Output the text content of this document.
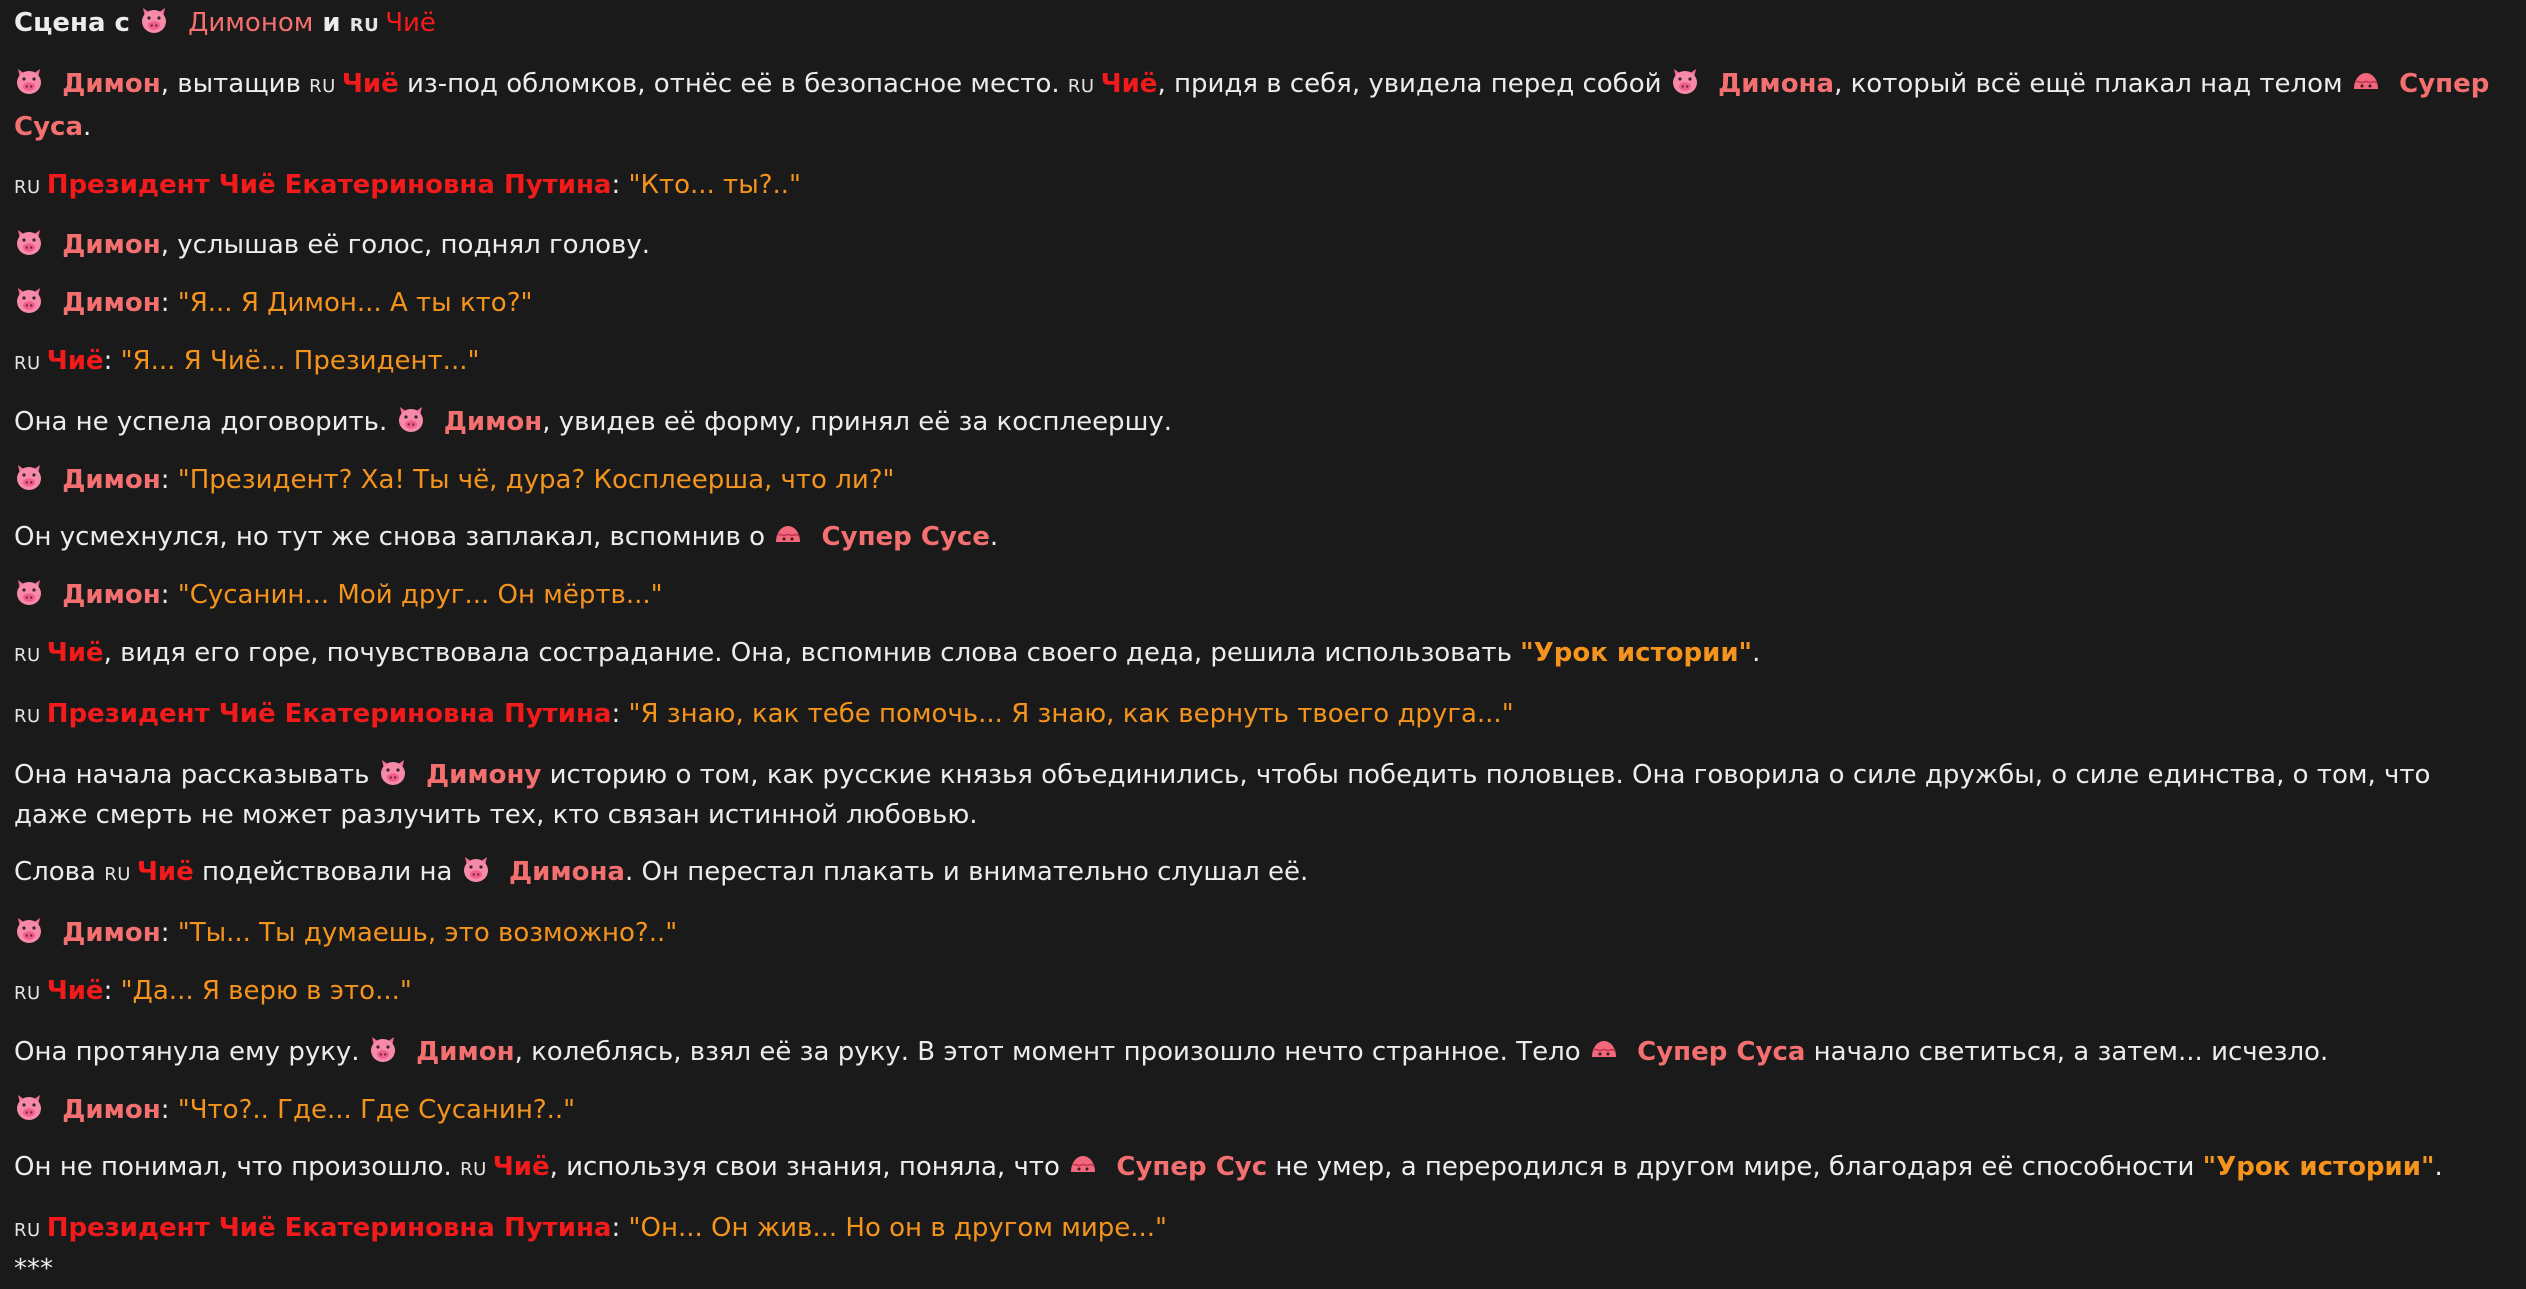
Сцена с Димоном и RU Чиё
Димон, вытащив RU Чиё из-под обломков, отнёс её в безопасное место. RU Чиё, придя в себя, увидела перед собой Димона, который всё ещё плакал над телом Супер Суса.
RU Президент Чиё Екатериновна Путина: "Кто... ты?.."
Димон, услышав её голос, поднял голову.
Димон: "Я... Я Димон... А ты кто?"
RU Чиё: "Я... Я Чиё... Президент..."
Она не успела договорить.
Димон, увидев её форму, принял её за косплеершу.
Димон: "Президент? Ха! Ты чё, дура? Косплеерша, что ли?"
Он усмехнулся, но тут же снова заплакал, вспомнив о
Супер Сусе.
Димон: "Сусанин... Мой друг... Он мёртв..."
RU Чиё, видя его горе, почувствовала сострадание. Она, вспомнив слова своего деда, решила использовать "Урок истории".
RU Президент Чиё Екатериновна Путина: "Я знаю, как тебе помочь... Я знаю, как вернуть твоего друга..."
Она начала рассказывать
Димону историю о том, как русские князья объединились, чтобы победить половцев. Она говорила о силе дружбы, о силе единства, о том, что даже смерть не может разлучить тех, кто связан истинной любовью.
Слова RU Чиё подействовали на
Димона. Он перестал плакать и внимательно слушал её.
Димон: "Ты... Ты думаешь, это возможно?.."
RU Чиё: "Да... Я верю в это..."
Она протянула ему руку.
Димон, колеблясь, взял её за руку. В этот момент произошло нечто странное. Тело
Супер Суса начало светиться, а затем... исчезло.
Димон: "Что?.. Где... Где Сусанин?.."
Он не понимал, что произошло. RU Чиё, используя свои знания, поняла, что
Супер Сус не умер, а переродился в другом мире, благодаря её способности "Урок истории".
RU Президент Чиё Екатериновна Путина: "Он... Он жив... Но он в другом мире..."
***
